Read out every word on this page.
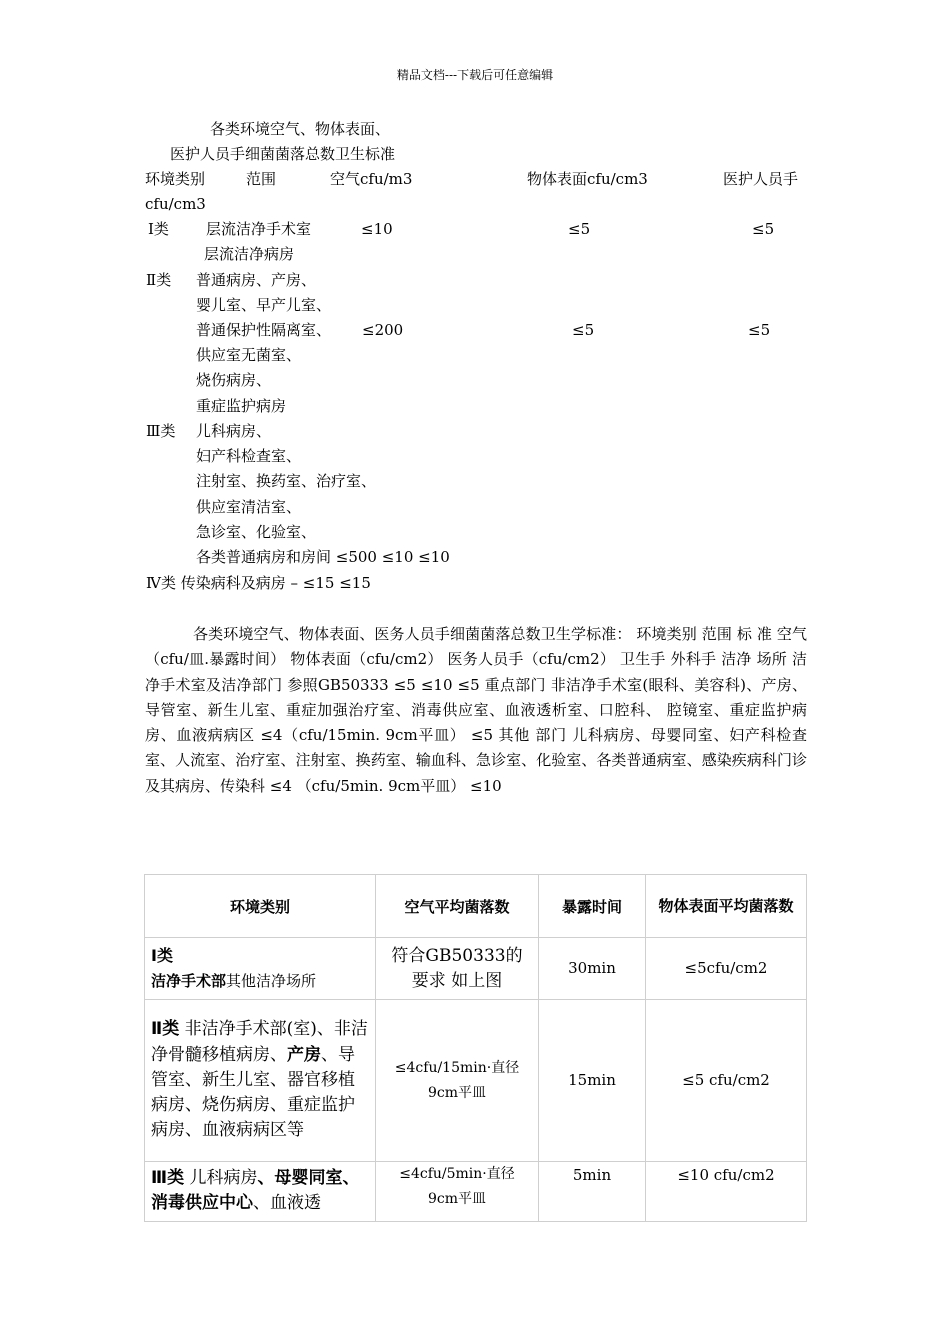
精品文档---下载后可任意编辑
各类环境空气、物体表面、
医护人员手细菌菌落总数卫生标准
环境类别	范围	空气cfu/m3	物体表面cfu/cm3	医护人员手
cfu/cm3
Ⅰ类 层流洁净手术室	≤10	≤5	≤5
层流洁净病房
Ⅱ类 普通病房、产房、
婴儿室、早产儿室、
普通保护性隔离室、 ≤200	≤5	≤5
供应室无菌室、
烧伤病房、
重症监护病房
Ⅲ类 儿科病房、
妇产科检查室、
注射室、换药室、治疗室、
供应室清洁室、
急诊室、化验室、
各类普通病房和房间 ≤500 ≤10 ≤10
Ⅳ类 传染病科及病房 – ≤15 ≤15

各类环境空气、物体表面、医务人员手细菌菌落总数卫生学标准： 环境类别 范围 标 准 空气（cfu/皿.暴露时间） 物体表面（cfu/cm2） 医务人员手（cfu/cm2） 卫生手 外科手 洁净 场所 洁净手术室及洁净部门 参照GB50333 ≤5 ≤10 ≤5 重点部门 非洁净手术室(眼科、美容科)、产房、导管室、新生儿室、重症加强治疗室、消毒供应室、血液透析室、口腔科、 腔镜室、重症监护病房、血液病病区 ≤4（cfu/15min. 9cm平皿） ≤5 其他 部门 儿科病房、母婴同室、妇产科检查室、人流室、治疗室、注射室、换药室、输血科、急诊室、化验室、各类普通病室、感染疾病科门诊及其病房、传染科 ≤4 （cfu/5min. 9cm平皿） ≤10

环境类别	空气平均菌落数	暴露时间	物体表面平均菌落数
Ⅰ类
洁净手术部其他洁净场所	符合GB50333的要求 如上图	30min	≤5cfu/cm2
Ⅱ类 非洁净手术部(室)、非洁净骨髓移植病房、产房、导管室、新生儿室、器官移植病房、烧伤病房、重症监护病房、血液病病区等	≤4cfu/15min·直径9cm平皿	15min	≤5 cfu/cm2
Ⅲ类 儿科病房、母婴同室、消毒供应中心、血液透	≤4cfu/5min·直径9cm平皿	5min	≤10 cfu/cm2
